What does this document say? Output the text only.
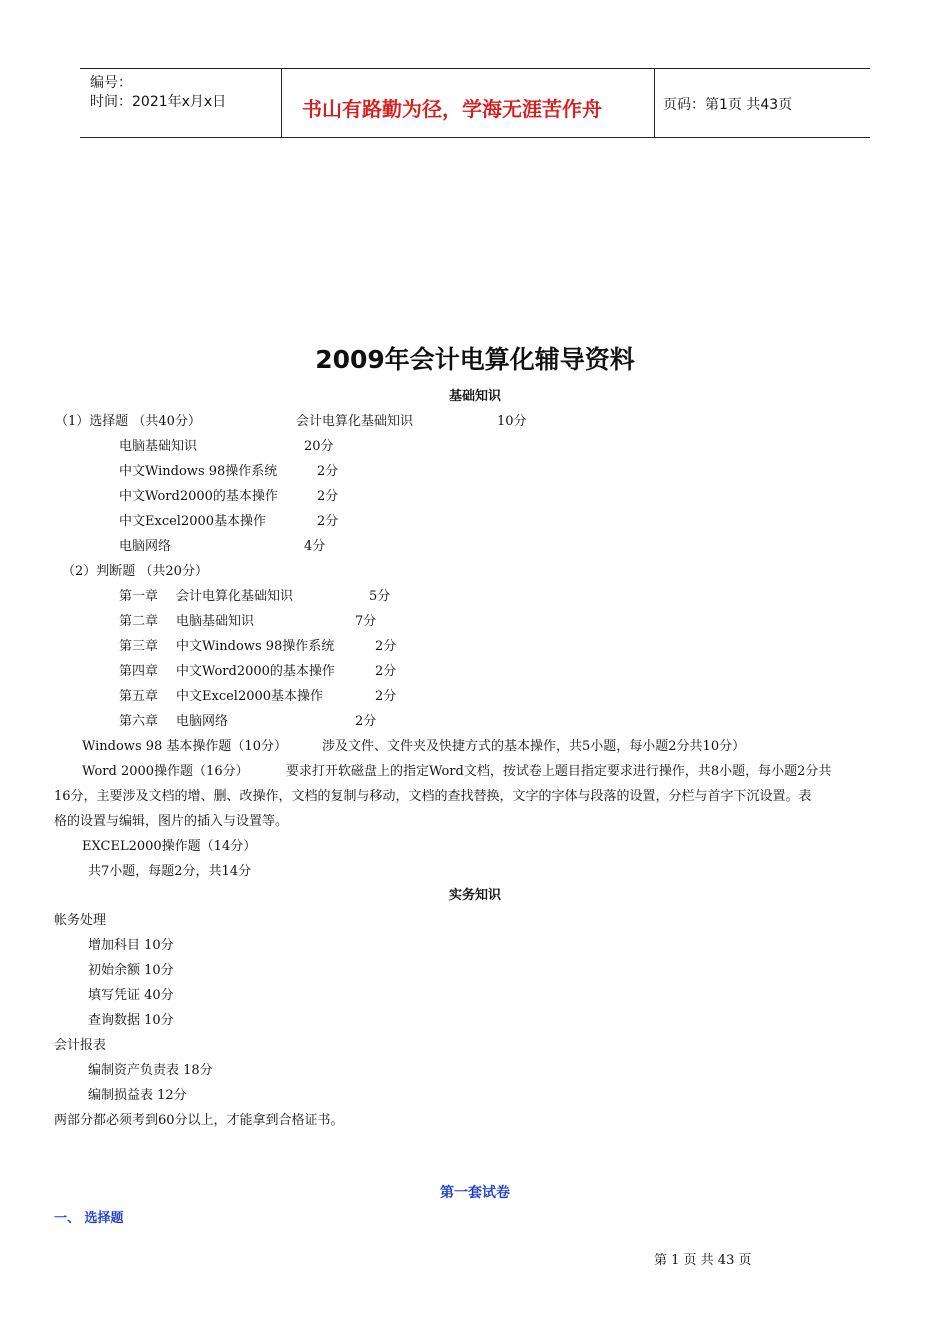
编号：
时间：2021年x月x日	书山有路勤为径，学海无涯苦作舟	页码：第1页 共43页
2009年会计电算化辅导资料
基础知识
（1）选择题 （共40分）	会计电算化基础知识	10分
电脑基础知识	20分
中文Windows 98操作系统	2分
中文Word2000的基本操作	2分
中文Excel2000基本操作	2分
电脑网络	4分
（2）判断题 （共20分）
第一章 会计电算化基础知识	5分
第二章 电脑基础知识	7分
第三章 中文Windows 98操作系统	2分
第四章 中文Word2000的基本操作	2分
第五章 中文Excel2000基本操作	2分
第六章 电脑网络	2分
Windows 98 基本操作题（10分）	涉及文件、文件夹及快捷方式的基本操作，共5小题，每小题2分共10分）
Word 2000操作题（16分）	要求打开软磁盘上的指定Word文档，按试卷上题目指定要求进行操作，共8小题，每小题2分共
16分，主要涉及文档的增、删、改操作，文档的复制与移动，文档的查找替换，文字的字体与段落的设置，分栏与首字下沉设置。表
格的设置与编辑，图片的插入与设置等。
EXCEL2000操作题（14分）
共7小题，每题2分，共14分
实务知识
帐务处理
增加科目 10分
初始余额 10分
填写凭证 40分
查询数据 10分
会计报表
编制资产负责表 18分
编制损益表 12分
两部分都必须考到60分以上，才能拿到合格证书。
第一套试卷
一、 选择题
第 1 页 共 43 页
